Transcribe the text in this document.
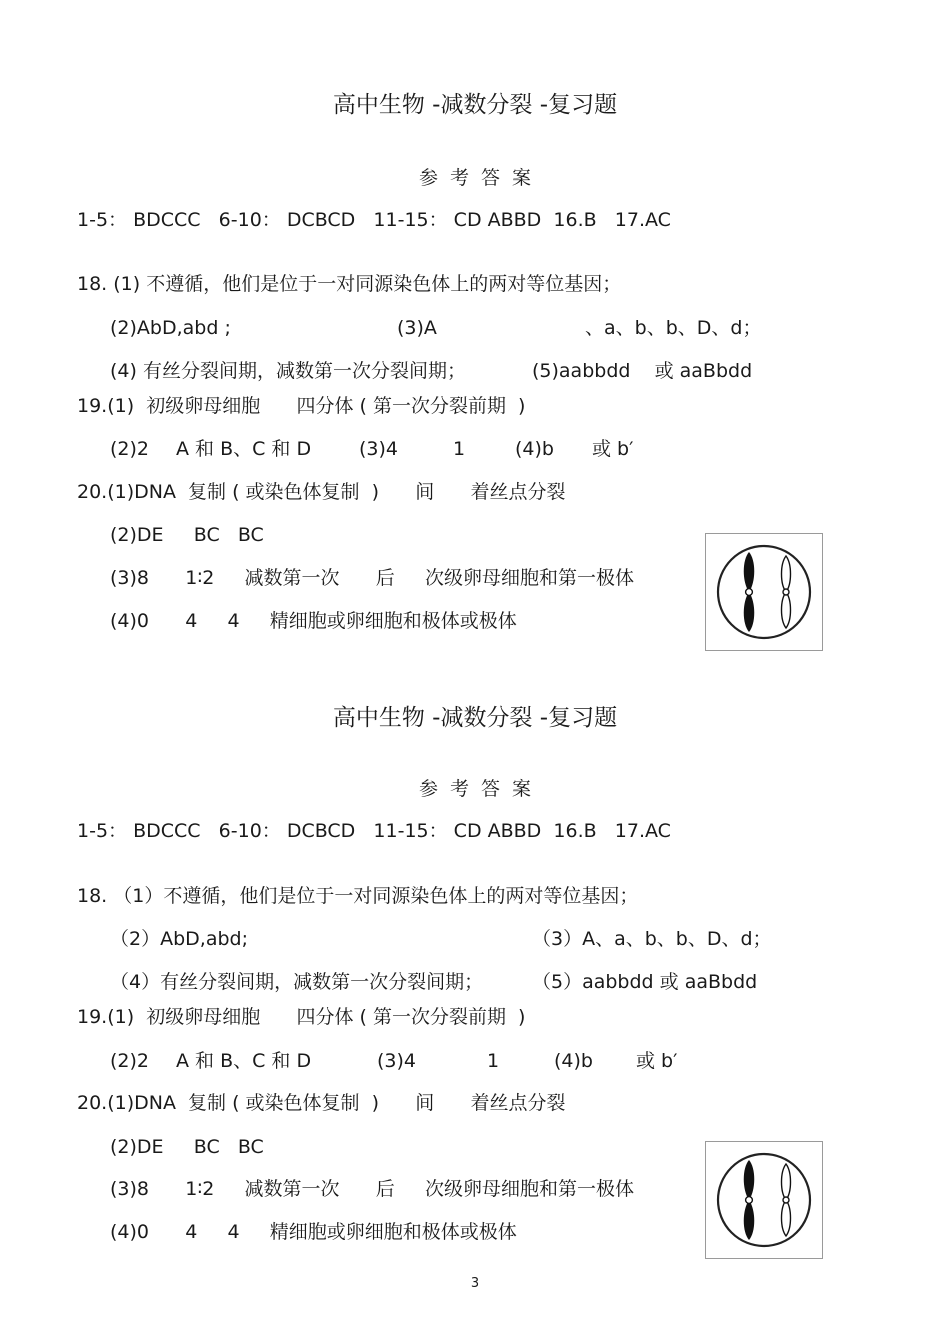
高中生物 -减数分裂 -复习题
参考答案
1-5： BDCCC   6-10： DCBCD   11-15： CD ABBD  16.B   17.AC
18. (1) 不遵循，他们是位于一对同源染色体上的两对等位基因；
(2)AbD,abd ;	(3)A	、a、b、b、D、d；
(4) 有丝分裂间期，减数第一次分裂间期；	(5)aabbdd    或 aaBbdd
19.(1)  初级卵母细胞      四分体 ( 第一次分裂前期  )
(2)2 A 和 B、C 和 D	(3)4	1	(4)b 或 b′
20.(1)DNA  复制 ( 或染色体复制  )      间      着丝点分裂
(2)DE     BC   BC
(3)8      1∶2     减数第一次      后     次级卵母细胞和第一极体
(4)0      4     4     精细胞或卵细胞和极体或极体
高中生物 -减数分裂 -复习题
参考答案
1-5： BDCCC   6-10： DCBCD   11-15： CD ABBD  16.B   17.AC
18. （1）不遵循，他们是位于一对同源染色体上的两对等位基因；
（2）AbD,abd;	（3）A、a、b、b、D、d；
（4）有丝分裂间期，减数第一次分裂间期；	（5）aabbdd 或 aaBbdd
19.(1)  初级卵母细胞      四分体 ( 第一次分裂前期  )
(2)2 A 和 B、C 和 D	(3)4	1	(4)b 或 b′
20.(1)DNA  复制 ( 或染色体复制  )      间      着丝点分裂
(2)DE     BC   BC
(3)8      1∶2     减数第一次      后     次级卵母细胞和第一极体
(4)0      4     4     精细胞或卵细胞和极体或极体
3
